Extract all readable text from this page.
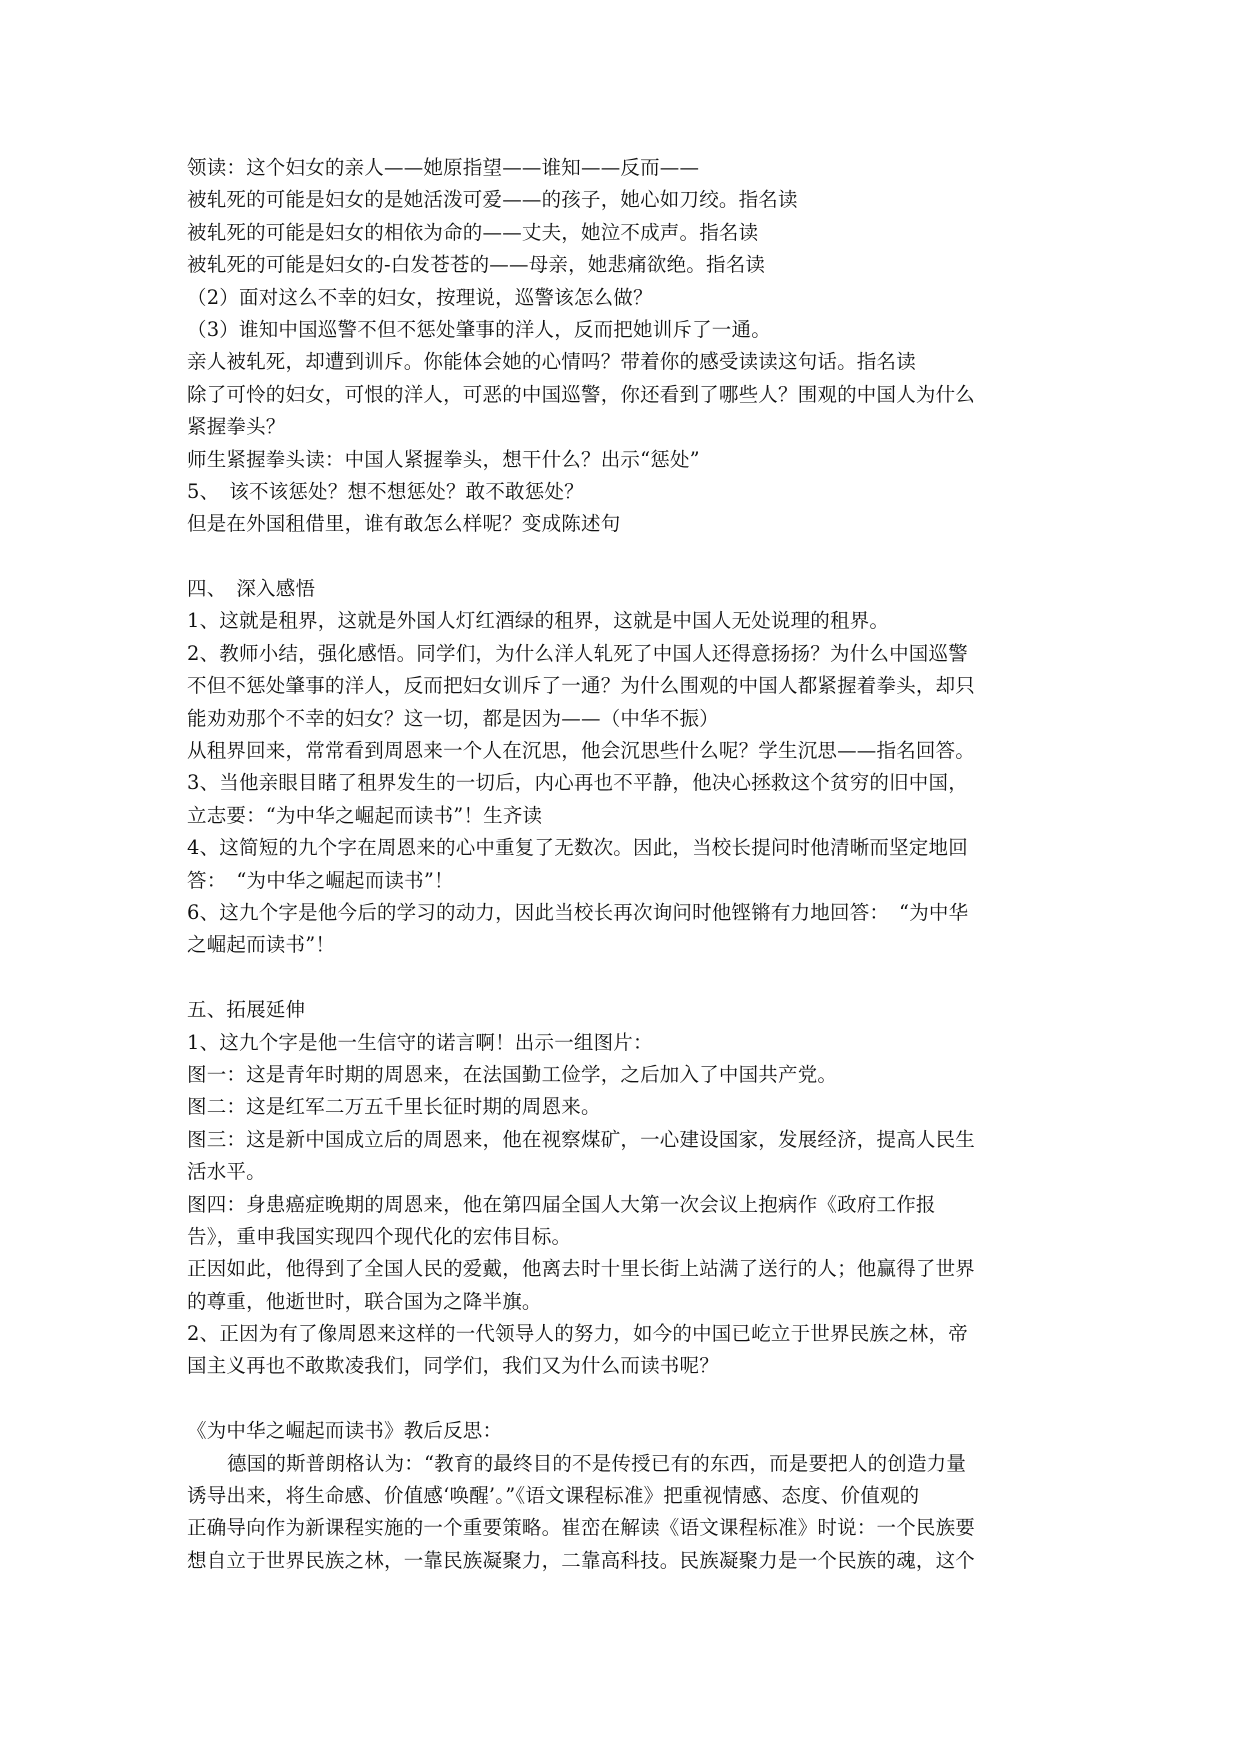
领读：这个妇女的亲人——她原指望——谁知——反而——
被轧死的可能是妇女的是她活泼可爱——的孩子，她心如刀绞。指名读
被轧死的可能是妇女的相依为命的——丈夫，她泣不成声。指名读
被轧死的可能是妇女的-白发苍苍的——母亲，她悲痛欲绝。指名读
（2）面对这么不幸的妇女，按理说，巡警该怎么做？
（3）谁知中国巡警不但不惩处肇事的洋人，反而把她训斥了一通。
亲人被轧死，却遭到训斥。你能体会她的心情吗？带着你的感受读读这句话。指名读
除了可怜的妇女，可恨的洋人，可恶的中国巡警，你还看到了哪些人？围观的中国人为什么
紧握拳头？
师生紧握拳头读：中国人紧握拳头，想干什么？出示“惩处”
5、　该不该惩处？想不想惩处？敢不敢惩处？
但是在外国租借里，谁有敢怎么样呢？变成陈述句
四、　深入感悟
1、这就是租界，这就是外国人灯红酒绿的租界，这就是中国人无处说理的租界。
2、教师小结，强化感悟。同学们，为什么洋人轧死了中国人还得意扬扬？为什么中国巡警
不但不惩处肇事的洋人，反而把妇女训斥了一通？为什么围观的中国人都紧握着拳头，却只
能劝劝那个不幸的妇女？这一切，都是因为——（中华不振）
从租界回来，常常看到周恩来一个人在沉思，他会沉思些什么呢？学生沉思——指名回答。
3、当他亲眼目睹了租界发生的一切后，内心再也不平静，他决心拯救这个贫穷的旧中国，
立志要：“为中华之崛起而读书”！生齐读
4、这简短的九个字在周恩来的心中重复了无数次。因此，当校长提问时他清晰而坚定地回
答：　“为中华之崛起而读书”！
6、这九个字是他今后的学习的动力，因此当校长再次询问时他铿锵有力地回答：　“为中华
之崛起而读书”！
五、拓展延伸
1、这九个字是他一生信守的诺言啊！出示一组图片：
图一：这是青年时期的周恩来，在法国勤工俭学，之后加入了中国共产党。
图二：这是红军二万五千里长征时期的周恩来。
图三：这是新中国成立后的周恩来，他在视察煤矿，一心建设国家，发展经济，提高人民生
活水平。
图四：身患癌症晚期的周恩来，他在第四届全国人大第一次会议上抱病作《政府工作报
告》，重申我国实现四个现代化的宏伟目标。
正因如此，他得到了全国人民的爱戴，他离去时十里长街上站满了送行的人；他赢得了世界
的尊重，他逝世时，联合国为之降半旗。
2、正因为有了像周恩来这样的一代领导人的努力，如今的中国已屹立于世界民族之林，帝
国主义再也不敢欺凌我们，同学们，我们又为什么而读书呢？
《为中华之崛起而读书》教后反思：
德国的斯普朗格认为：“教育的最终目的不是传授已有的东西，而是要把人的创造力量
诱导出来，将生命感、价值感‘唤醒’。”《语文课程标准》把重视情感、态度、价值观的
正确导向作为新课程实施的一个重要策略。崔峦在解读《语文课程标准》时说：一个民族要
想自立于世界民族之林，一靠民族凝聚力，二靠高科技。民族凝聚力是一个民族的魂，这个
